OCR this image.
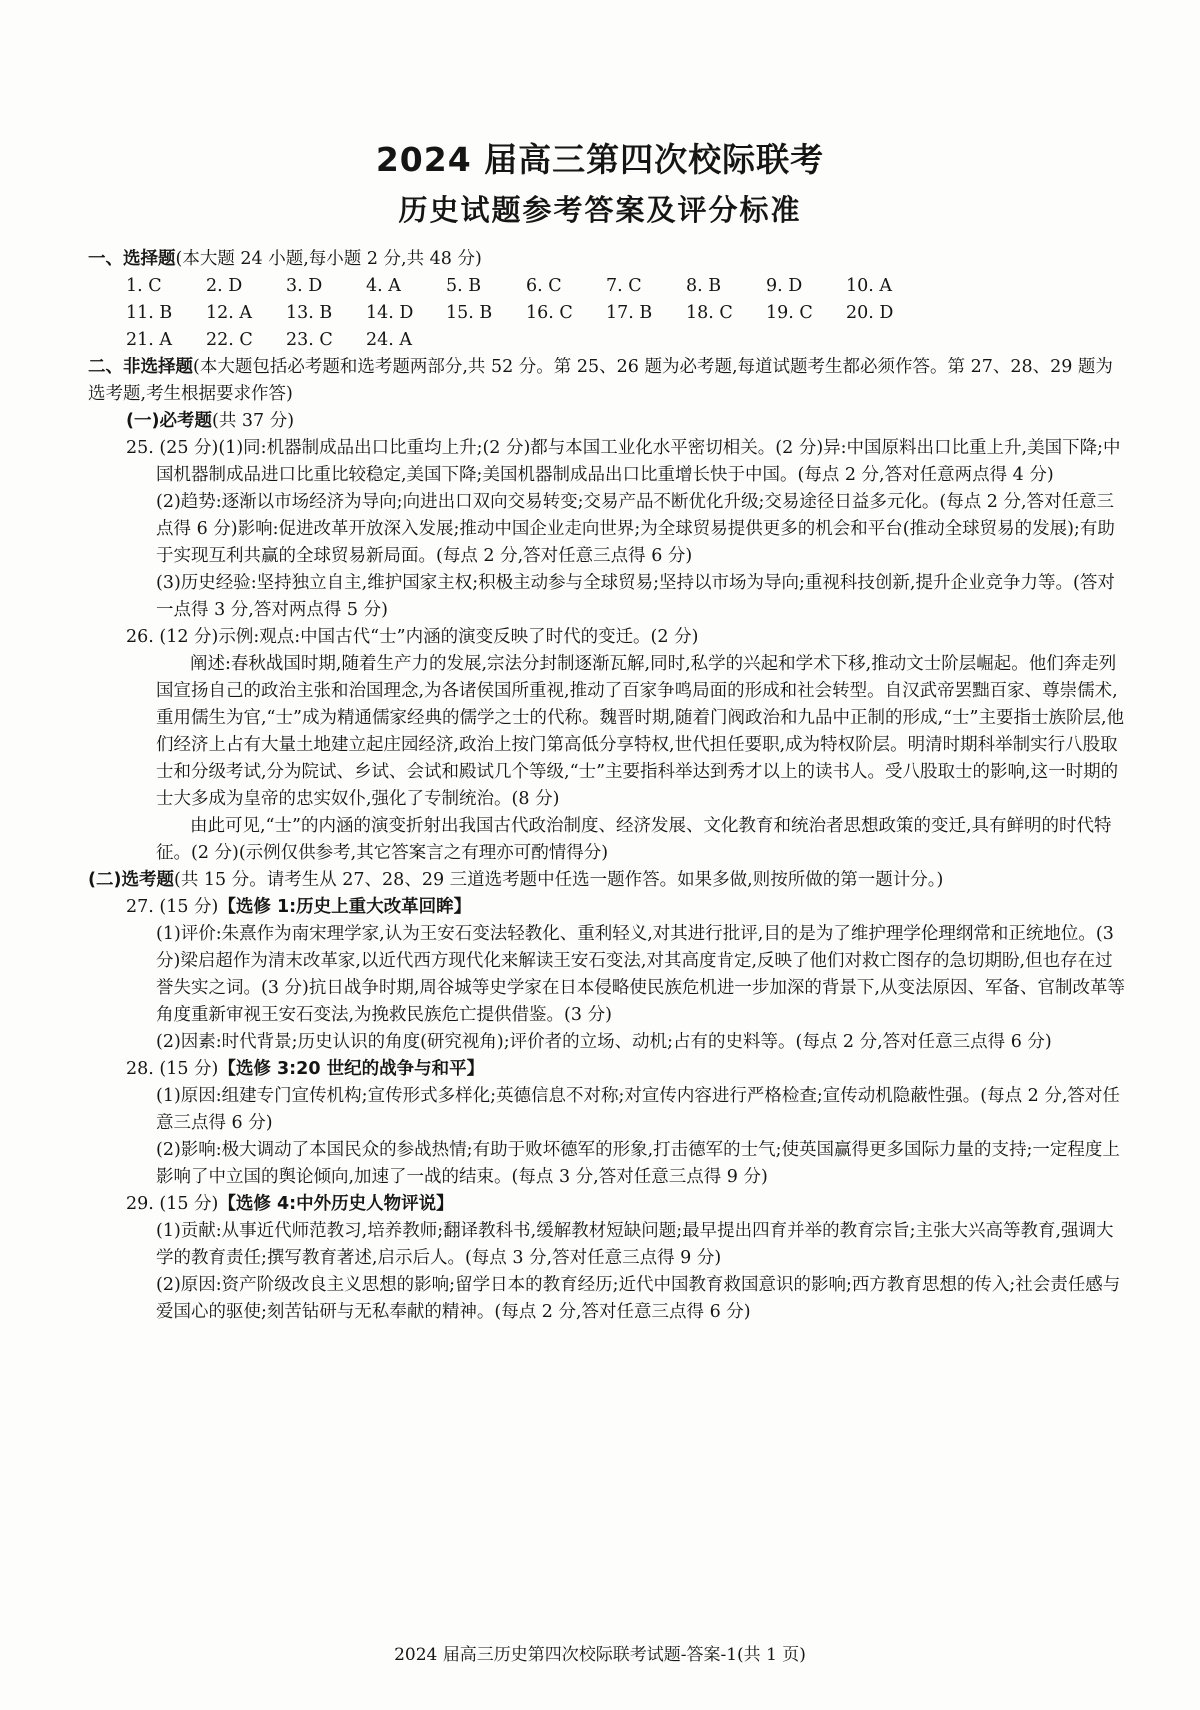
2024 届高三第四次校际联考
历史试题参考答案及评分标准

一、选择题(本大题 24 小题,每小题 2 分,共 48 分)

1. C	2. D	3. D	4. A	5. B	6. C	7. C	8. B	9. D	10. A
11. B	12. A	13. B	14. D	15. B	16. C	17. B	18. C	19. C	20. D
21. A	22. C	23. C	24. A

二、非选择题(本大题包括必考题和选考题两部分,共 52 分。第 25、26 题为必考题,每道试题考生都必须作答。第 27、28、29 题为选考题,考生根据要求作答)

(一)必考题(共 37 分)

25. (25 分)(1)同:机器制成品出口比重均上升;(2 分)都与本国工业化水平密切相关。(2 分)异:中国原料出口比重上升,美国下降;中国机器制成品进口比重比较稳定,美国下降;美国机器制成品出口比重增长快于中国。(每点 2 分,答对任意两点得 4 分)

(2)趋势:逐渐以市场经济为导向;向进出口双向交易转变;交易产品不断优化升级;交易途径日益多元化。(每点 2 分,答对任意三点得 6 分)影响:促进改革开放深入发展;推动中国企业走向世界;为全球贸易提供更多的机会和平台(推动全球贸易的发展);有助于实现互利共赢的全球贸易新局面。(每点 2 分,答对任意三点得 6 分)

(3)历史经验:坚持独立自主,维护国家主权;积极主动参与全球贸易;坚持以市场为导向;重视科技创新,提升企业竞争力等。(答对一点得 3 分,答对两点得 5 分)

26. (12 分)示例:观点:中国古代“士”内涵的演变反映了时代的变迁。(2 分)

阐述:春秋战国时期,随着生产力的发展,宗法分封制逐渐瓦解,同时,私学的兴起和学术下移,推动文士阶层崛起。他们奔走列国宣扬自己的政治主张和治国理念,为各诸侯国所重视,推动了百家争鸣局面的形成和社会转型。自汉武帝罢黜百家、尊崇儒术,重用儒生为官,“士”成为精通儒家经典的儒学之士的代称。魏晋时期,随着门阀政治和九品中正制的形成,“士”主要指士族阶层,他们经济上占有大量土地建立起庄园经济,政治上按门第高低分享特权,世代担任要职,成为特权阶层。明清时期科举制实行八股取士和分级考试,分为院试、乡试、会试和殿试几个等级,“士”主要指科举达到秀才以上的读书人。受八股取士的影响,这一时期的士大多成为皇帝的忠实奴仆,强化了专制统治。(8 分)

由此可见,“士”的内涵的演变折射出我国古代政治制度、经济发展、文化教育和统治者思想政策的变迁,具有鲜明的时代特征。(2 分)(示例仅供参考,其它答案言之有理亦可酌情得分)

(二)选考题(共 15 分。请考生从 27、28、29 三道选考题中任选一题作答。如果多做,则按所做的第一题计分。)

27. (15 分)【选修 1:历史上重大改革回眸】

(1)评价:朱熹作为南宋理学家,认为王安石变法轻教化、重利轻义,对其进行批评,目的是为了维护理学伦理纲常和正统地位。(3 分)梁启超作为清末改革家,以近代西方现代化来解读王安石变法,对其高度肯定,反映了他们对救亡图存的急切期盼,但也存在过誉失实之词。(3 分)抗日战争时期,周谷城等史学家在日本侵略使民族危机进一步加深的背景下,从变法原因、军备、官制改革等角度重新审视王安石变法,为挽救民族危亡提供借鉴。(3 分)

(2)因素:时代背景;历史认识的角度(研究视角);评价者的立场、动机;占有的史料等。(每点 2 分,答对任意三点得 6 分)

28. (15 分)【选修 3:20 世纪的战争与和平】

(1)原因:组建专门宣传机构;宣传形式多样化;英德信息不对称;对宣传内容进行严格检查;宣传动机隐蔽性强。(每点 2 分,答对任意三点得 6 分)

(2)影响:极大调动了本国民众的参战热情;有助于败坏德军的形象,打击德军的士气;使英国赢得更多国际力量的支持;一定程度上影响了中立国的舆论倾向,加速了一战的结束。(每点 3 分,答对任意三点得 9 分)

29. (15 分)【选修 4:中外历史人物评说】

(1)贡献:从事近代师范教习,培养教师;翻译教科书,缓解教材短缺问题;最早提出四育并举的教育宗旨;主张大兴高等教育,强调大学的教育责任;撰写教育著述,启示后人。(每点 3 分,答对任意三点得 9 分)

(2)原因:资产阶级改良主义思想的影响;留学日本的教育经历;近代中国教育救国意识的影响;西方教育思想的传入;社会责任感与爱国心的驱使;刻苦钻研与无私奉献的精神。(每点 2 分,答对任意三点得 6 分)

2024 届高三历史第四次校际联考试题-答案-1(共 1 页)
